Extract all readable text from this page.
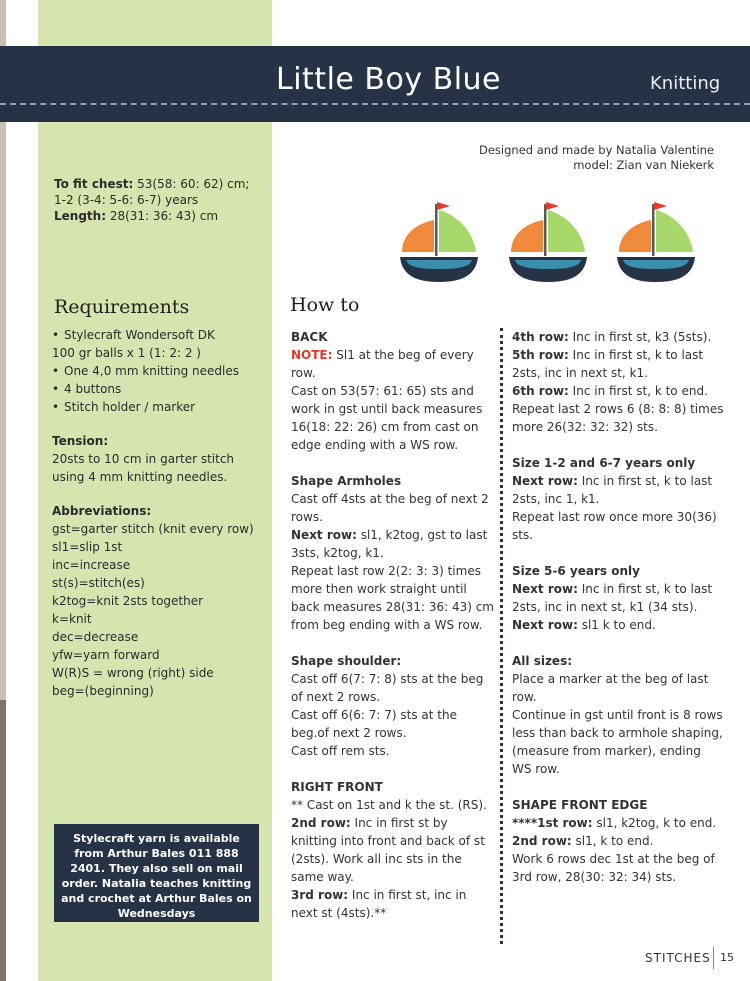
Little Boy Blue	Knitting
Designed and made by Natalia Valentine
model: Zian van Niekerk
To fit chest: 53(58: 60: 62) cm; 1-2 (3-4: 5-6: 6-7) years
Length: 28(31: 36: 43) cm
Requirements	How to
• Stylecraft Wondersoft DK
100 gr balls x 1 (1: 2: 2 )
• One 4,0 mm knitting needles
• 4 buttons
• Stitch holder / marker
Tension:

20sts to 10 cm in garter stitch using 4 mm knitting needles.

Abbreviations:
gst=garter stitch (knit every row)
sl1=slip 1st
inc=increase
st(s)=stitch(es)
k2tog=knit 2sts together
k=knit
dec=decrease
yfw=yarn forward
W(R)S = wrong (right) side
beg=(beginning)
Stylecraft yarn is available from Arthur Bales 011 888 2401. They also sell on mail order. Natalia teaches knitting and crochet at Arthur Bales on Wednesdays

BACK

NOTE: Sl1 at the beg of every row.

Cast on 53(57: 61: 65) sts and work in gst until back measures 16(18: 22: 26) cm from cast on edge ending with a WS row.

Shape Armholes

Cast off 4sts at the beg of next 2 rows.

Next row: sl1, k2tog, gst to last 3sts, k2tog, k1.

Repeat last row 2(2: 3: 3) times more then work straight until back measures 28(31: 36: 43) cm from beg ending with a WS row.

Shape shoulder:

Cast off 6(7: 7: 8) sts at the beg of next 2 rows.

Cast off 6(6: 7: 7) sts at the beg.of next 2 rows.

Cast off rem sts.

RIGHT FRONT

** Cast on 1st and k the st. (RS).

2nd row: Inc in first st by knitting into front and back of st (2sts). Work all inc sts in the same way.

3rd row: Inc in first st, inc in next st (4sts).**

4th row: Inc in first st, k3 (5sts).

5th row: Inc in first st, k to last 2sts, inc in next st, k1.

6th row: Inc in first st, k to end.

Repeat last 2 rows 6 (8: 8: 8) times more 26(32: 32: 32) sts.

Size 1-2 and 6-7 years only

Next row: Inc in first st, k to last 2sts, inc 1, k1.

Repeat last row once more 30(36) sts.

Size 5-6 years only

Next row: Inc in first st, k to last 2sts, inc in next st, k1 (34 sts).

Next row: sl1 k to end.

All sizes:

Place a marker at the beg of last row.

Continue in gst until front is 8 rows less than back to armhole shaping,(measure from marker), ending WS row.

SHAPE FRONT EDGE

****1st row: sl1, k2tog, k to end.

2nd row: sl1, k to end.

Work 6 rows dec 1st at the beg of 3rd row, 28(30: 32: 34) sts.

STITCHES 15
